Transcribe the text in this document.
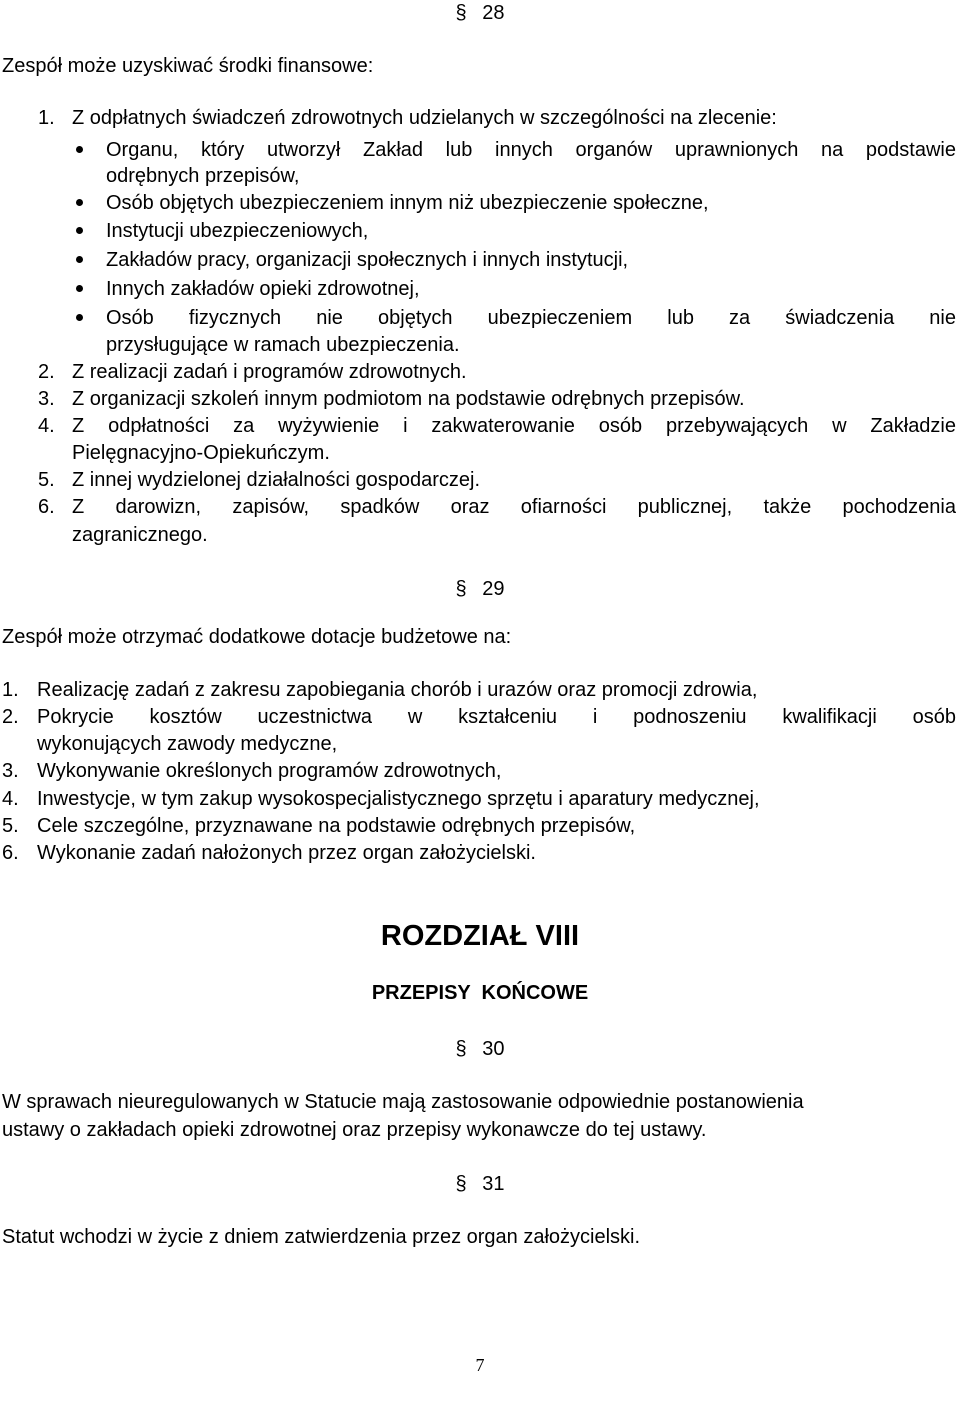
§ 28
Zespół może uzyskiwać środki finansowe:
1. Z odpłatnych świadczeń zdrowotnych udzielanych w szczególności na zlecenie:
Organu, który utworzył Zakład lub innych organów uprawnionych na podstawie
odrębnych przepisów,
Osób objętych ubezpieczeniem innym niż ubezpieczenie społeczne,
Instytucji ubezpieczeniowych,
Zakładów pracy, organizacji społecznych i innych instytucji,
Innych zakładów opieki zdrowotnej,
Osób fizycznych nie objętych ubezpieczeniem lub za świadczenia nie
przysługujące w ramach ubezpieczenia.
2. Z realizacji zadań i programów zdrowotnych.
3. Z organizacji szkoleń innym podmiotom na podstawie odrębnych przepisów.
4. Z odpłatności za wyżywienie i zakwaterowanie osób przebywających w Zakładzie
Pielęgnacyjno-Opiekuńczym.
5. Z innej wydzielonej działalności gospodarczej.
6. Z darowizn, zapisów, spadków oraz ofiarności publicznej, także pochodzenia
zagranicznego.
§ 29
Zespół może otrzymać dodatkowe dotacje budżetowe na:
1. Realizację zadań z zakresu zapobiegania chorób i urazów oraz promocji zdrowia,
2. Pokrycie kosztów uczestnictwa w kształceniu i podnoszeniu kwalifikacji osób
wykonujących zawody medyczne,
3. Wykonywanie określonych programów zdrowotnych,
4. Inwestycje, w tym zakup wysokospecjalistycznego sprzętu i aparatury medycznej,
5. Cele szczególne, przyznawane na podstawie odrębnych przepisów,
6. Wykonanie zadań nałożonych przez organ założycielski.
ROZDZIAŁ VIII
PRZEPISY  KOŃCOWE
§ 30
W sprawach nieuregulowanych w Statucie mają zastosowanie odpowiednie postanowienia
ustawy o zakładach opieki zdrowotnej oraz przepisy wykonawcze do tej ustawy.
§ 31
Statut wchodzi w życie z dniem zatwierdzenia przez organ założycielski.
7
